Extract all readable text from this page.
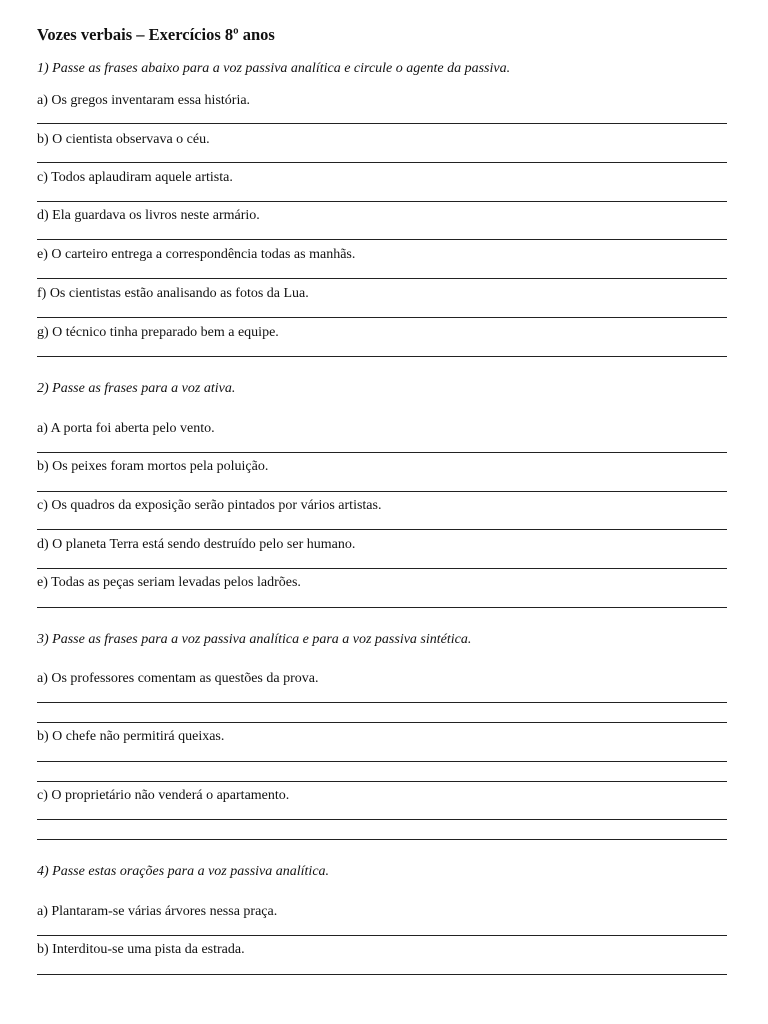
Vozes verbais – Exercícios 8º anos
1) Passe as frases abaixo para a voz passiva analítica e circule o agente da passiva.
a) Os gregos inventaram essa história.
b) O cientista observava o céu.
c) Todos aplaudiram aquele artista.
d) Ela guardava os livros neste armário.
e) O carteiro entrega a correspondência todas as manhãs.
f) Os cientistas estão analisando as fotos da Lua.
g) O técnico tinha preparado bem a equipe.
2) Passe as frases para a voz ativa.
a) A porta foi aberta pelo vento.
b) Os peixes foram mortos pela poluição.
c) Os quadros da exposição serão pintados por vários artistas.
d) O planeta Terra está sendo destruído pelo ser humano.
e) Todas as peças seriam levadas pelos ladrões.
3) Passe as frases para a voz passiva analítica e para a voz passiva sintética.
a) Os professores comentam as questões da prova.
b) O chefe não permitirá queixas.
c) O proprietário não venderá o apartamento.
4) Passe estas orações para a voz passiva analítica.
a) Plantaram-se várias árvores nessa praça.
b) Interditou-se uma pista da estrada.
